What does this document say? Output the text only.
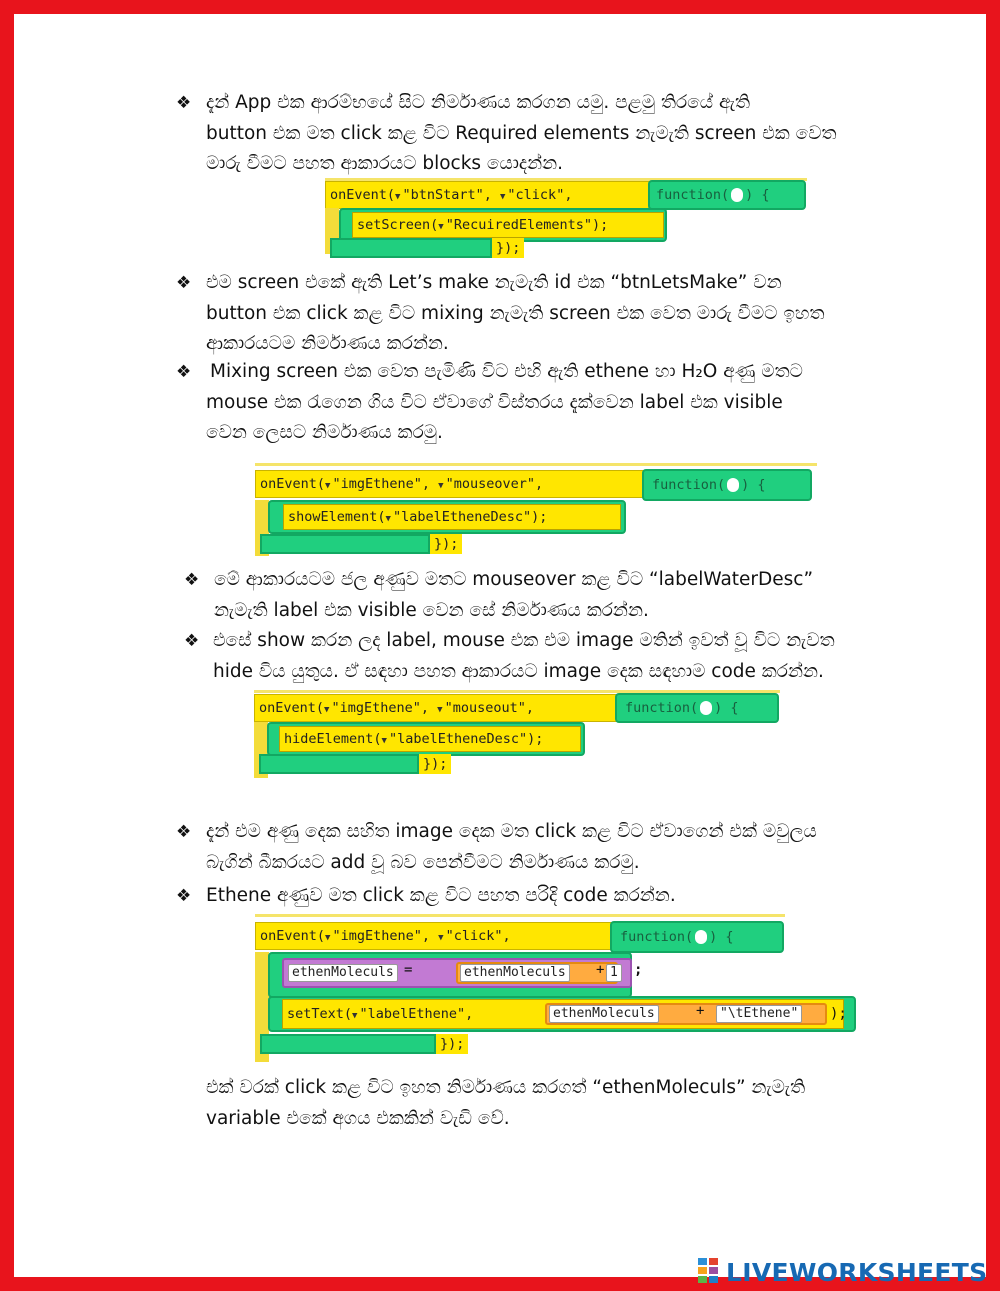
❖ දැන් App එක ආරම්භයේ සිට නිර්මාණය කරගන යමු. පළමු තිරයේ ඇති
button එක මත click කළ විට Required elements නැමැති screen එක වෙත
මාරු වීමට පහත ආකාරයට blocks යොදන්න.
onEvent(▼ "btnStart", ▼ "click",	function( ) {
setScreen(▼ "RecuiredElements");
});
❖ එම screen එකේ ඇති Let’s make නැමැති id එක “btnLetsMake” වන
button එක click කළ විට mixing නැමැති screen එක වෙත මාරු වීමට ඉහත
ආකාරයටම නිර්මාණය කරන්න.
❖ Mixing screen එක වෙත පැමිණි විට එහි ඇති ethene හා H₂O අණු මතට
mouse එක රැගෙන ගිය විට ඒවාගේ විස්තරය දැක්වෙන label එක visible
වෙන ලෙසට නිර්මාණය කරමු.
onEvent(▼ "imgEthene", ▼ "mouseover",	function( ) {
showElement(▼ "labelEtheneDesc");
});
❖ මේ ආකාරයටම ජල අණුව මතට mouseover කළ විට “labelWaterDesc”
නැමැති label එක visible වෙන සේ නිර්මාණය කරන්න.
❖ එසේ show කරන ලද label, mouse එක එම image මතින් ඉවත් වූ විට නැවත
hide විය යුතුය. ඒ සඳහා පහත ආකාරයට image දෙක සඳහාම code කරන්න.
onEvent(▼ "imgEthene", ▼ "mouseout",	function( ) {
hideElement(▼ "labelEtheneDesc");
});
❖ දැන් එම අණු දෙක සහිත image දෙක මත click කළ විට ඒවාගෙන් එක් මවුලය
බැගින් බීකරයට add වූ බව පෙන්වීමට නිර්මාණය කරමු.
❖ Ethene අණුව මත click කළ විට පහත පරිදි code කරන්න.
onEvent(▼ "imgEthene", ▼ "click",	function( ) {
ethenMoleculs =	ethenMoleculs + 1 ;
setText(▼ "labelEthene",	ethenMoleculs	+	"\tEthene" );
});
එක් වරක් click කළ විට ඉහත නිර්මාණය කරගත් “ethenMoleculs” නැමැති
variable එකේ අගය එකකින් වැඩි වේ.
LIVEWORKSHEETS
